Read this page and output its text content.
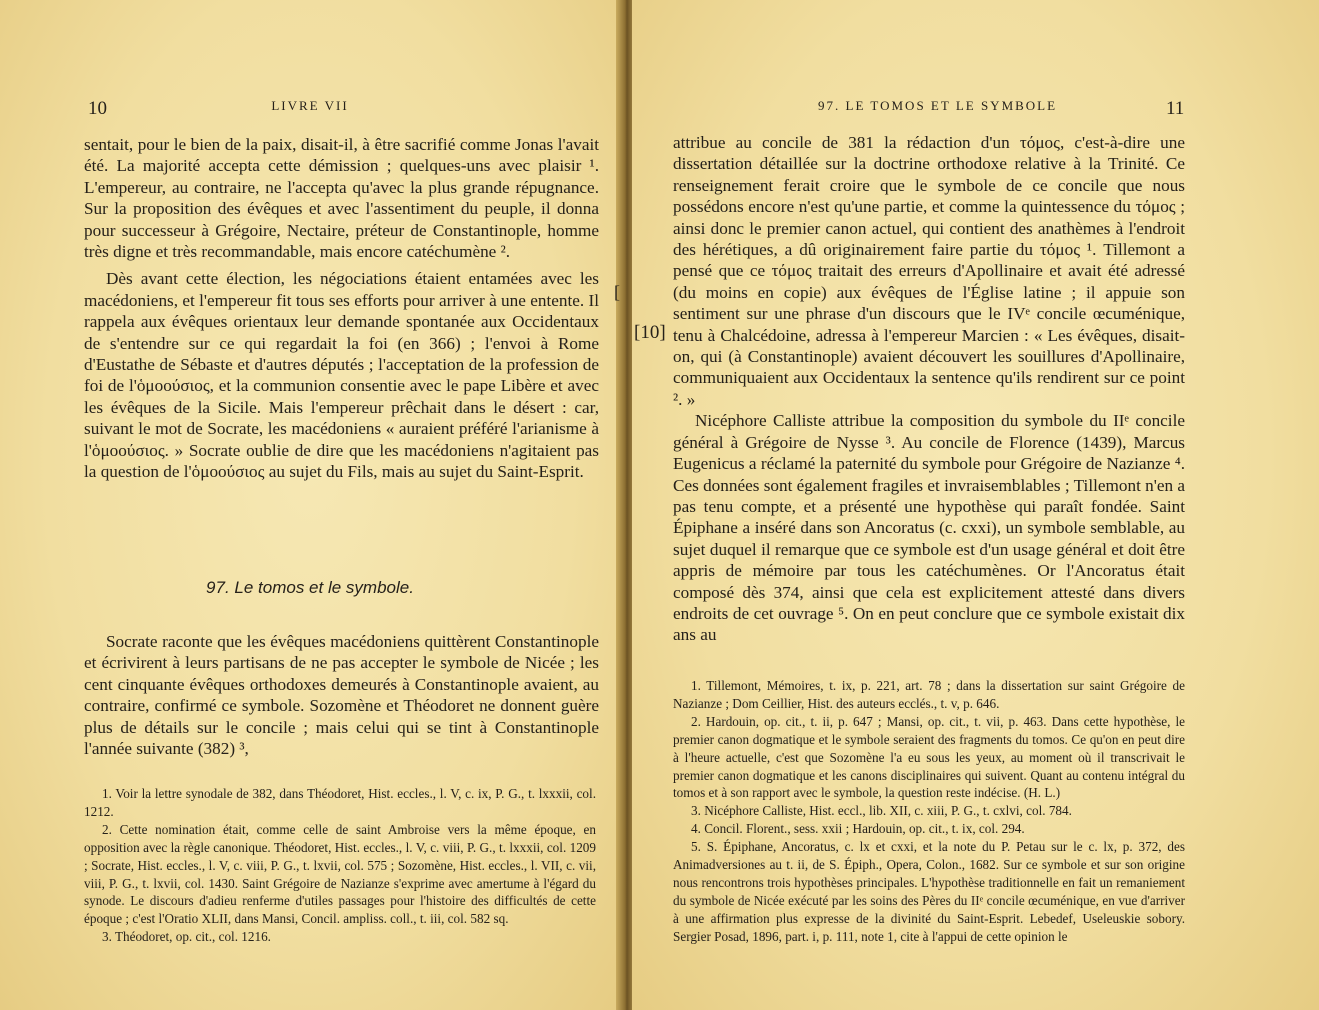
10	LIVRE VII

sentait, pour le bien de la paix, disait-il, à être sacrifié comme Jonas l'avait été. La majorité accepta cette démission ; quelques-uns avec plaisir ¹. L'empereur, au contraire, ne l'accepta qu'avec la plus grande répugnance. Sur la proposition des évêques et avec l'assentiment du peuple, il donna pour successeur à Grégoire, Nectaire, préteur de Constantinople, homme très digne et très recommandable, mais encore catéchumène ².

Dès avant cette élection, les négociations étaient entamées avec les macédoniens, et l'empereur fit tous ses efforts pour arriver à une entente. Il rappela aux évêques orientaux leur demande spontanée aux Occidentaux de s'entendre sur ce qui regardait la foi (en 366) ; l'envoi à Rome d'Eustathe de Sébaste et d'autres députés ; l'acceptation de la profession de foi de l'ὁμοούσιος, et la communion consentie avec le pape Libère et avec les évêques de la Sicile. Mais l'empereur prêchait dans le désert : car, suivant le mot de Socrate, les macédoniens « auraient préféré l'arianisme à l'ὁμοούσιος. » Socrate oublie de dire que les macédoniens n'agitaient pas la question de l'ὁμοούσιος au sujet du Fils, mais au sujet du Saint-Esprit.

97. Le tomos et le symbole.

Socrate raconte que les évêques macédoniens quittèrent Constantinople et écrivirent à leurs partisans de ne pas accepter le symbole de Nicée ; les cent cinquante évêques orthodoxes demeurés à Constantinople avaient, au contraire, confirmé ce symbole. Sozomène et Théodoret ne donnent guère plus de détails sur le concile ; mais celui qui se tint à Constantinople l'année suivante (382) ³,

1. Voir la lettre synodale de 382, dans Théodoret, Hist. eccles., l. V, c. ix, P. G., t. lxxxii, col. 1212.

2. Cette nomination était, comme celle de saint Ambroise vers la même époque, en opposition avec la règle canonique. Théodoret, Hist. eccles., l. V, c. viii, P. G., t. lxxxii, col. 1209 ; Socrate, Hist. eccles., l. V, c. viii, P. G., t. lxvii, col. 575 ; Sozomène, Hist. eccles., l. VII, c. vii, viii, P. G., t. lxvii, col. 1430. Saint Grégoire de Nazianze s'exprime avec amertume à l'égard du synode. Le discours d'adieu renferme d'utiles passages pour l'histoire des difficultés de cette époque ; c'est l'Oratio XLII, dans Mansi, Concil. ampliss. coll., t. iii, col. 582 sq.

3. Théodoret, op. cit., col. 1216.

[
97. LE TOMOS ET LE SYMBOLE	11
[10]

attribue au concile de 381 la rédaction d'un τόμος, c'est-à-dire une dissertation détaillée sur la doctrine orthodoxe relative à la Trinité. Ce renseignement ferait croire que le symbole de ce concile que nous possédons encore n'est qu'une partie, et comme la quintessence du τόμος ; ainsi donc le premier canon actuel, qui contient des anathèmes à l'endroit des hérétiques, a dû originairement faire partie du τόμος ¹. Tillemont a pensé que ce τόμος traitait des erreurs d'Apollinaire et avait été adressé (du moins en copie) aux évêques de l'Église latine ; il appuie son sentiment sur une phrase d'un discours que le IVᵉ concile œcuménique, tenu à Chalcédoine, adressa à l'empereur Marcien : « Les évêques, disait-on, qui (à Constantinople) avaient découvert les souillures d'Apollinaire, communiquaient aux Occidentaux la sentence qu'ils rendirent sur ce point ². »

Nicéphore Calliste attribue la composition du symbole du IIᵉ concile général à Grégoire de Nysse ³. Au concile de Florence (1439), Marcus Eugenicus a réclamé la paternité du symbole pour Grégoire de Nazianze ⁴. Ces données sont également fragiles et invraisemblables ; Tillemont n'en a pas tenu compte, et a présenté une hypothèse qui paraît fondée. Saint Épiphane a inséré dans son Ancoratus (c. cxxi), un symbole semblable, au sujet duquel il remarque que ce symbole est d'un usage général et doit être appris de mémoire par tous les catéchumènes. Or l'Ancoratus était composé dès 374, ainsi que cela est explicitement attesté dans divers endroits de cet ouvrage ⁵. On en peut conclure que ce symbole existait dix ans au

1. Tillemont, Mémoires, t. ix, p. 221, art. 78 ; dans la dissertation sur saint Grégoire de Nazianze ; Dom Ceillier, Hist. des auteurs ecclés., t. v, p. 646.

2. Hardouin, op. cit., t. ii, p. 647 ; Mansi, op. cit., t. vii, p. 463. Dans cette hypothèse, le premier canon dogmatique et le symbole seraient des fragments du tomos. Ce qu'on en peut dire à l'heure actuelle, c'est que Sozomène l'a eu sous les yeux, au moment où il transcrivait le premier canon dogmatique et les canons disciplinaires qui suivent. Quant au contenu intégral du tomos et à son rapport avec le symbole, la question reste indécise. (H. L.)

3. Nicéphore Calliste, Hist. eccl., lib. XII, c. xiii, P. G., t. cxlvi, col. 784.

4. Concil. Florent., sess. xxii ; Hardouin, op. cit., t. ix, col. 294.

5. S. Épiphane, Ancoratus, c. lx et cxxi, et la note du P. Petau sur le c. lx, p. 372, des Animadversiones au t. ii, de S. Épiph., Opera, Colon., 1682. Sur ce symbole et sur son origine nous rencontrons trois hypothèses principales. L'hypothèse traditionnelle en fait un remaniement du symbole de Nicée exécuté par les soins des Pères du IIᵉ concile œcuménique, en vue d'arriver à une affirmation plus expresse de la divinité du Saint-Esprit. Lebedef, Useleuskie sobory. Sergier Posad, 1896, part. i, p. 111, note 1, cite à l'appui de cette opinion le
